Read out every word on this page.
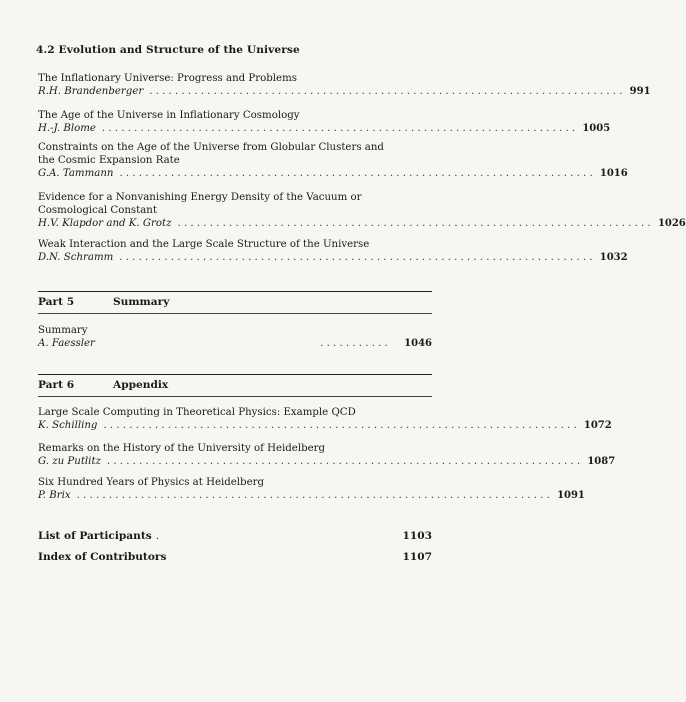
4.2 Evolution and Structure of the Universe
The Inflationary Universe: Progress and Problems
R.H. Brandenberger .......................................................................... 991
The Age of the Universe in Inflationary Cosmology
H.-J. Blome .......................................................................... 1005
Constraints on the Age of the Universe from Globular Clusters and
the Cosmic Expansion Rate
G.A. Tammann .......................................................................... 1016
Evidence for a Nonvanishing Energy Density of the Vacuum or
Cosmological Constant
H.V. Klapdor and K. Grotz .......................................................................... 1026
Weak Interaction and the Large Scale Structure of the Universe
D.N. Schramm .......................................................................... 1032
Part 5	Summary
Summary
A. Faessler	...........	1046
Part 6	Appendix
Large Scale Computing in Theoretical Physics: Example QCD
K. Schilling .......................................................................... 1072
Remarks on the History of the University of Heidelberg
G. zu Putlitz .......................................................................... 1087
Six Hundred Years of Physics at Heidelberg
P. Brix .......................................................................... 1091
List of Participants .	1103
Index of Contributors	1107
